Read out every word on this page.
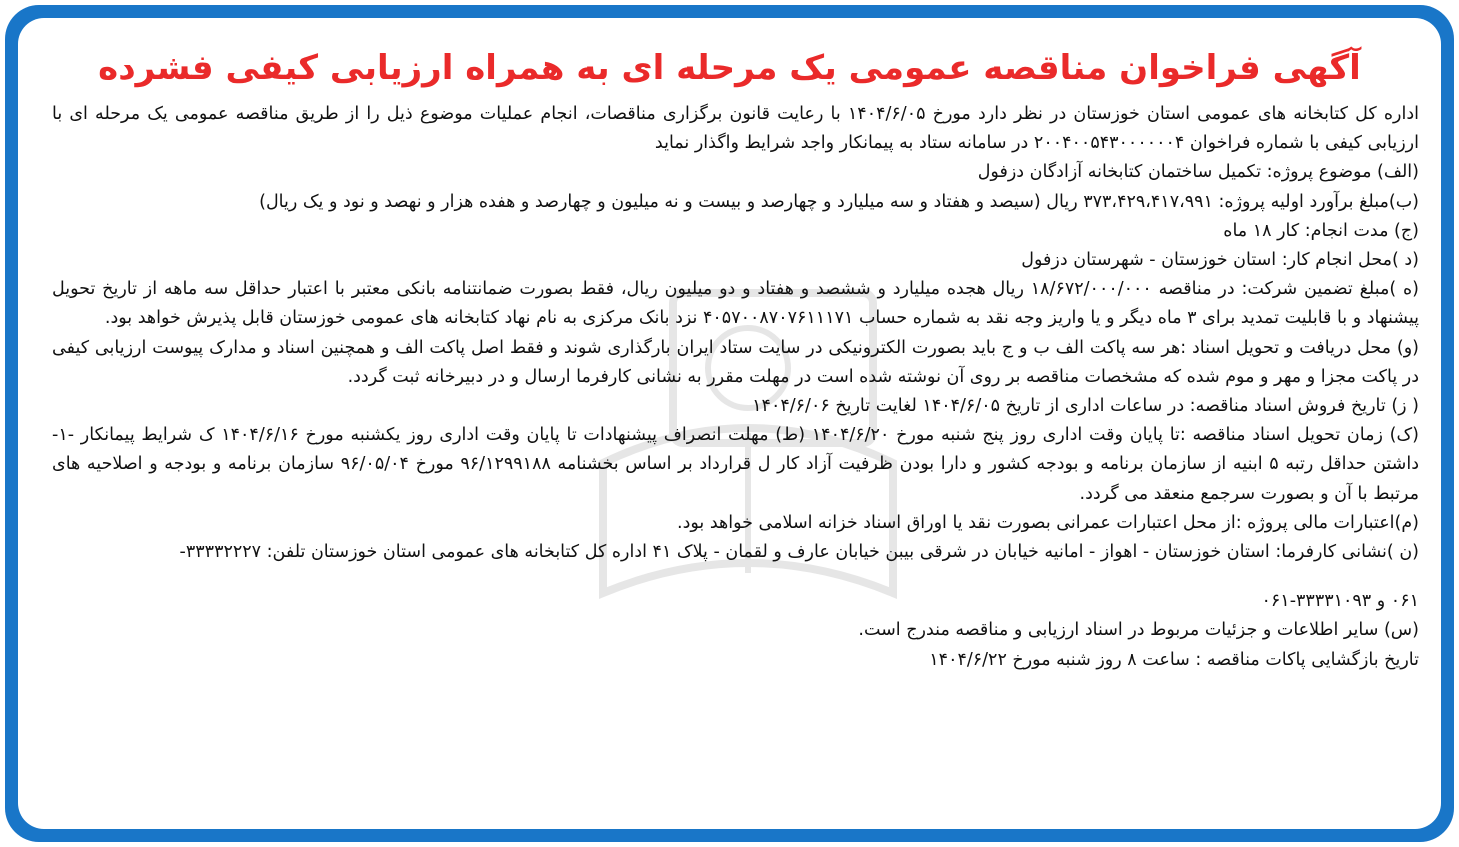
آگهی فراخوان مناقصه عمومی یک مرحله ای به همراه ارزیابی کیفی فشرده

اداره کل کتابخانه های عمومی استان خوزستان در نظر دارد مورخ ۱۴۰۴/۶/۰۵ با رعایت قانون برگزاری مناقصات، انجام عملیات موضوع ذیل را از طریق مناقصه عمومی یک مرحله ای با ارزیابی کیفی با شماره فراخوان ۲۰۰۴۰۰۵۴۳۰۰۰۰۰۰۴ در سامانه ستاد به پیمانکار واجد شرایط واگذار نماید

(الف) موضوع پروژه: تکمیل ساختمان کتابخانه آزادگان دزفول

(ب)مبلغ برآورد اولیه پروژه: ۳۷۳،۴۲۹،۴۱۷،۹۹۱ ریال (سیصد و هفتاد و سه میلیارد و چهارصد و بیست و نه میلیون و چهارصد و هفده هزار و نهصد و نود و یک ریال)

(ج) مدت انجام: کار ۱۸ ماه

(د )محل انجام کار: استان خوزستان - شهرستان دزفول

(ه )مبلغ تضمین شرکت: در مناقصه ۱۸/۶۷۲/۰۰۰/۰۰۰ ریال هجده میلیارد و ششصد و هفتاد و دو میلیون ریال، فقط بصورت ضمانتنامه بانکی معتبر با اعتبار حداقل سه ماهه از تاریخ تحویل پیشنهاد و با قابلیت تمدید برای ۳ ماه دیگر و یا واریز وجه نقد به شماره حساب ۴۰۵۷۰۰۸۷۰۷۶۱۱۱۷۱ نزد بانک مرکزی به نام نهاد کتابخانه های عمومی خوزستان قابل پذیرش خواهد بود.

(و) محل دریافت و تحویل اسناد :هر سه پاکت الف ب و ج باید بصورت الکترونیکی در سایت ستاد ایران بارگذاری شوند و فقط اصل پاکت الف و همچنین اسناد و مدارک پیوست ارزیابی کیفی در پاکت مجزا و مهر و موم شده که مشخصات مناقصه بر روی آن نوشته شده است در مهلت مقرر به نشانی کارفرما ارسال و در دبیرخانه ثبت گردد.

( ز) تاریخ فروش اسناد مناقصه: در ساعات اداری از تاریخ ۱۴۰۴/۶/۰۵ لغایت تاریخ ۱۴۰۴/۶/۰۶

(ک) زمان تحویل اسناد مناقصه :تا پایان وقت اداری روز پنج شنبه مورخ ۱۴۰۴/۶/۲۰ (ط) مهلت انصراف پیشنهادات تا پایان وقت اداری روز یکشنبه مورخ ۱۴۰۴/۶/۱۶ ک شرایط پیمانکار -۱- داشتن حداقل رتبه ۵ ابنیه از سازمان برنامه و بودجه کشور و دارا بودن ظرفیت آزاد کار ل قرارداد بر اساس بخشنامه ۹۶/۱۲۹۹۱۸۸ مورخ ۹۶/۰۵/۰۴ سازمان برنامه و بودجه و اصلاحیه های مرتبط با آن و بصورت سرجمع منعقد می گردد.

(م)اعتبارات مالی پروژه :از محل اعتبارات عمرانی بصورت نقد یا اوراق اسناد خزانه اسلامی خواهد بود.

(ن )نشانی کارفرما: استان خوزستان - اهواز - امانیه خیابان در شرقی بیبن خیابان عارف و لقمان - پلاک ۴۱ اداره کل کتابخانه های عمومی استان خوزستان تلفن: ۳۳۳۳۲۲۲۷-

۰۶۱ و ۳۳۳۳۱۰۹۳-۰۶۱

(س) سایر اطلاعات و جزئیات مربوط در اسناد ارزیابی و مناقصه مندرج است.

تاریخ بازگشایی پاکات مناقصه : ساعت ۸ روز شنبه مورخ ۱۴۰۴/۶/۲۲
